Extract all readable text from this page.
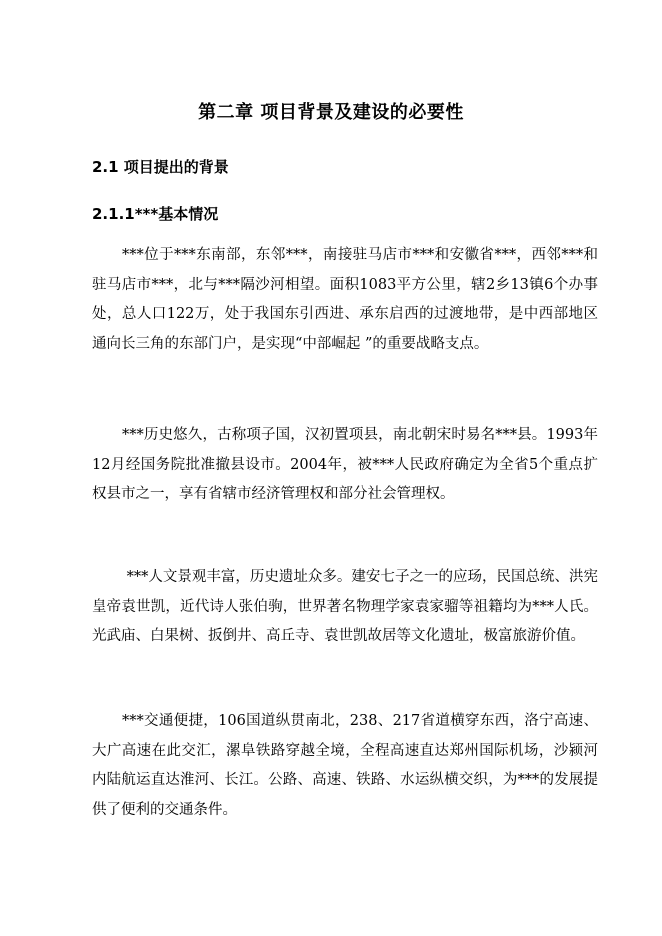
第二章 项目背景及建设的必要性
2.1 项目提出的背景
2.1.1***基本情况

***位于***东南部，东邻***，南接驻马店市***和安徽省***，西邻***和驻马店市***，北与***隔沙河相望。面积1083平方公里，辖2乡13镇6个办事处，总人口122万，处于我国东引西进、承东启西的过渡地带，是中西部地区通向长三角的东部门户，是实现“中部崛起 ”的重要战略支点。

***历史悠久，古称项子国，汉初置项县，南北朝宋时易名***县。1993年12月经国务院批准撤县设市。2004年，被***人民政府确定为全省5个重点扩权县市之一，享有省辖市经济管理权和部分社会管理权。

***人文景观丰富，历史遗址众多。建安七子之一的应玚，民国总统、洪宪皇帝袁世凯，近代诗人张伯驹，世界著名物理学家袁家骝等祖籍均为***人氏。光武庙、白果树、扳倒井、高丘寺、袁世凯故居等文化遗址，极富旅游价值。

***交通便捷，106国道纵贯南北，238、217省道横穿东西，洛宁高速、大广高速在此交汇，漯阜铁路穿越全境，全程高速直达郑州国际机场，沙颍河内陆航运直达淮河、长江。公路、高速、铁路、水运纵横交织，为***的发展提供了便利的交通条件。
